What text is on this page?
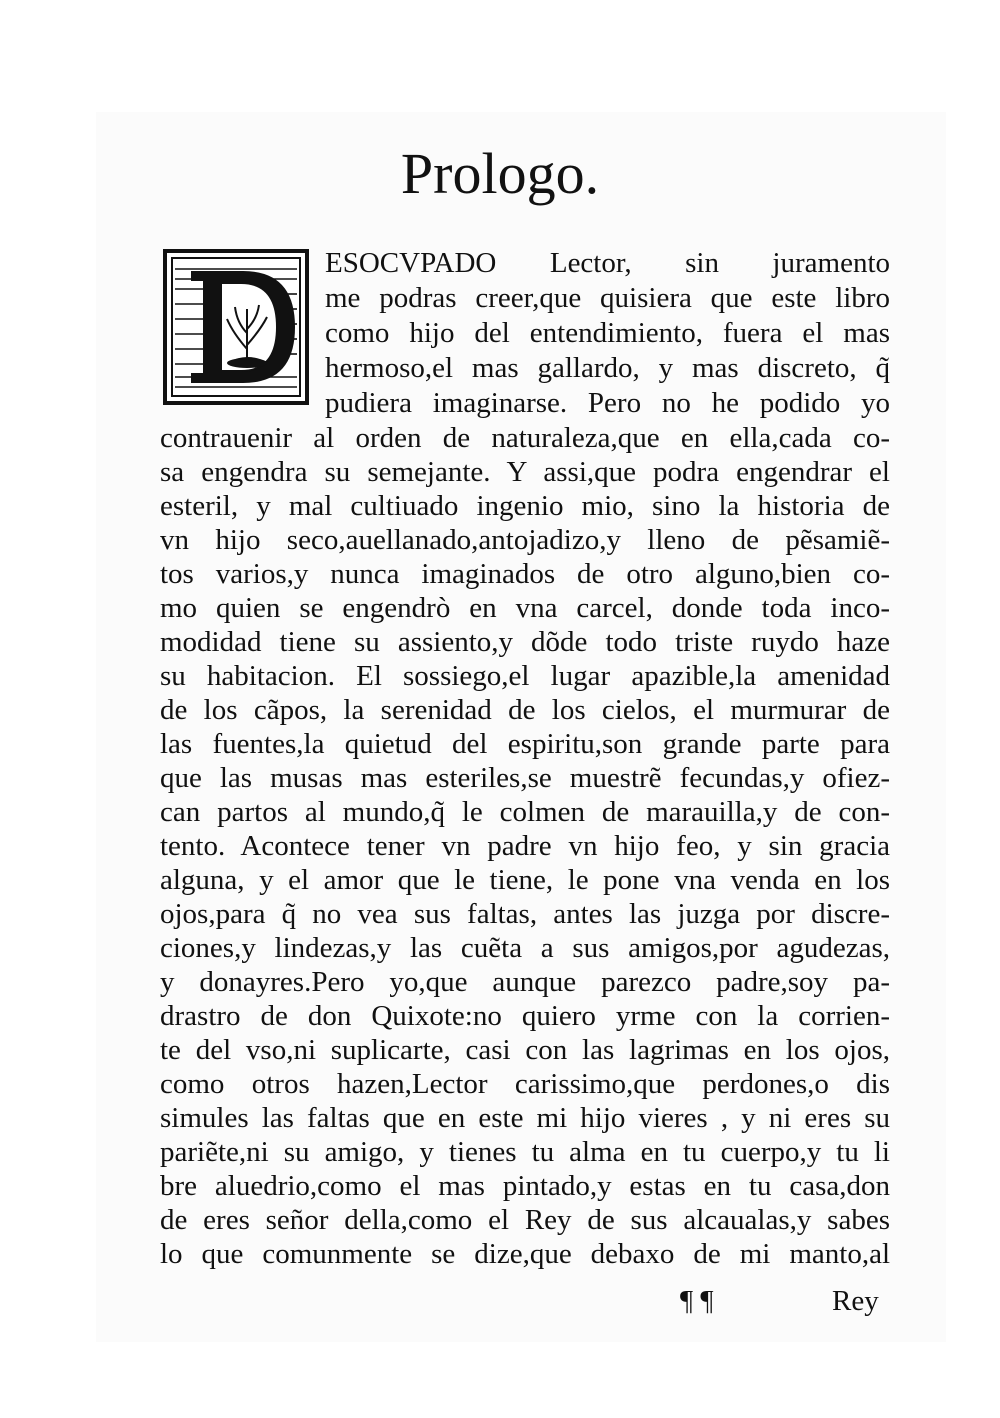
Prologo.
ESOCVPADO Lector, sin juramento
me podras creer,que quisiera que este libro
como hijo del entendimiento, fuera el mas
hermoso,el mas gallardo, y mas discreto, q̃
pudiera imaginarse. Pero no he podido yo
contrauenir al orden de naturaleza,que en ella,cada co-
sa engendra su semejante. Y assi,que podra engendrar el
esteril, y mal cultiuado ingenio mio, sino la historia de
vn hijo seco,auellanado,antojadizo,y lleno de pẽsamiẽ-
tos varios,y nunca imaginados de otro alguno,bien co-
mo quien se engendrò en vna carcel, donde toda inco-
modidad tiene su assiento,y dõde todo triste ruydo haze
su habitacion. El sossiego,el lugar apazible,la amenidad
de los cãpos, la serenidad de los cielos, el murmurar de
las fuentes,la quietud del espiritu,son grande parte para
que las musas mas esteriles,se muestrẽ fecundas,y ofiez-
can partos al mundo,q̃ le colmen de marauilla,y de con-
tento. Acontece tener vn padre vn hijo feo, y sin gracia
alguna, y el amor que le tiene, le pone vna venda en los
ojos,para q̃ no vea sus faltas, antes las juzga por discre-
ciones,y lindezas,y las cuẽta a sus amigos,por agudezas,
y donayres.Pero yo,que aunque parezco padre,soy pa-
drastro de don Quixote:no quiero yrme con la corrien-
te del vso,ni suplicarte, casi con las lagrimas en los ojos,
como otros hazen,Lector carissimo,que perdones,o dis
simules las faltas que en este mi hijo vieres , y ni eres su
pariẽte,ni su amigo, y tienes tu alma en tu cuerpo,y tu li
bre aluedrio,como el mas pintado,y estas en tu casa,don
de eres señor della,como el Rey de sus alcaualas,y sabes
lo que comunmente se dize,que debaxo de mi manto,al
¶ ¶	Rey
